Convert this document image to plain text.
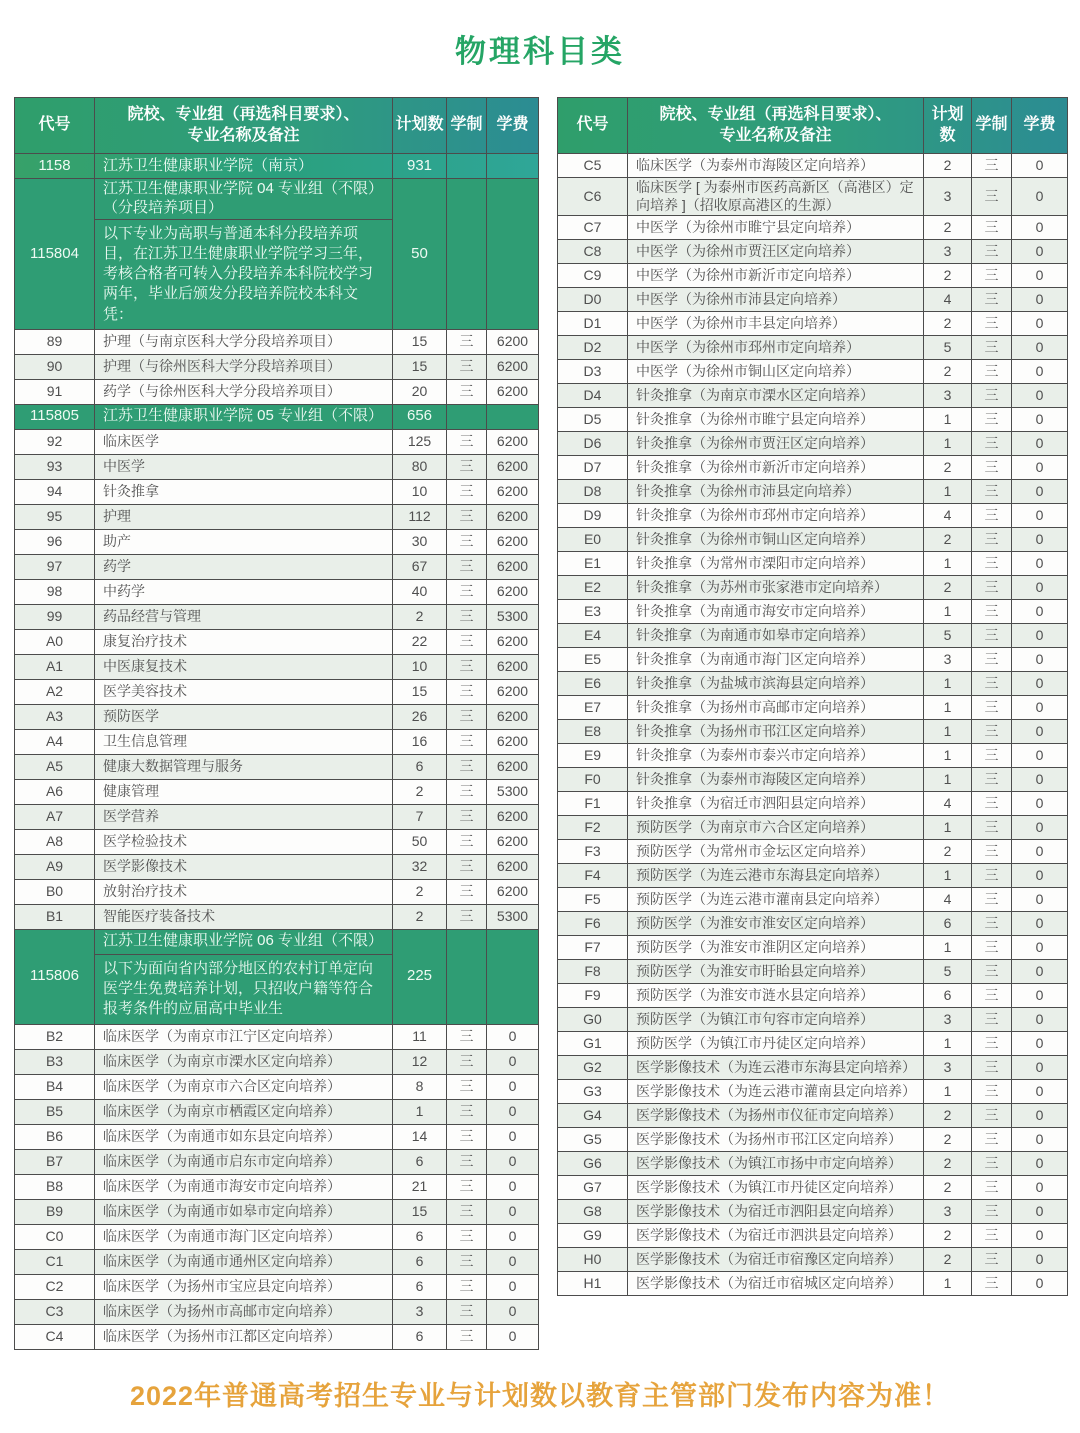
物理科目类
代号	院校、专业组（再选科目要求）、
专业名称及备注	计划数	学制	学费
1158	江苏卫生健康职业学院（南京）	931		
115804	江苏卫生健康职业学院 04 专业组（不限）（分段培养项目）	50		
	以下专业为高职与普通本科分段培养项目，在江苏卫生健康职业学院学习三年，考核合格者可转入分段培养本科院校学习两年，毕业后颁发分段培养院校本科文凭：			
89	护理（与南京医科大学分段培养项目）	15	三	6200
90	护理（与徐州医科大学分段培养项目）	15	三	6200
91	药学（与徐州医科大学分段培养项目）	20	三	6200
115805	江苏卫生健康职业学院 05 专业组（不限）	656		
92	临床医学	125	三	6200
93	中医学	80	三	6200
94	针灸推拿	10	三	6200
95	护理	112	三	6200
96	助产	30	三	6200
97	药学	67	三	6200
98	中药学	40	三	6200
99	药品经营与管理	2	三	5300
A0	康复治疗技术	22	三	6200
A1	中医康复技术	10	三	6200
A2	医学美容技术	15	三	6200
A3	预防医学	26	三	6200
A4	卫生信息管理	16	三	6200
A5	健康大数据管理与服务	6	三	6200
A6	健康管理	2	三	5300
A7	医学营养	7	三	6200
A8	医学检验技术	50	三	6200
A9	医学影像技术	32	三	6200
B0	放射治疗技术	2	三	6200
B1	智能医疗装备技术	2	三	5300
115806	江苏卫生健康职业学院 06 专业组（不限）	225		
	以下为面向省内部分地区的农村订单定向医学生免费培养计划，只招收户籍等符合报考条件的应届高中毕业生			
B2	临床医学（为南京市江宁区定向培养）	11	三	0
B3	临床医学（为南京市溧水区定向培养）	12	三	0
B4	临床医学（为南京市六合区定向培养）	8	三	0
B5	临床医学（为南京市栖霞区定向培养）	1	三	0
B6	临床医学（为南通市如东县定向培养）	14	三	0
B7	临床医学（为南通市启东市定向培养）	6	三	0
B8	临床医学（为南通市海安市定向培养）	21	三	0
B9	临床医学（为南通市如皋市定向培养）	15	三	0
C0	临床医学（为南通市海门区定向培养）	6	三	0
C1	临床医学（为南通市通州区定向培养）	6	三	0
C2	临床医学（为扬州市宝应县定向培养）	6	三	0
C3	临床医学（为扬州市高邮市定向培养）	3	三	0
C4	临床医学（为扬州市江都区定向培养）	6	三	0
代号	院校、专业组（再选科目要求）、
专业名称及备注	计划数	学制	学费
C5	临床医学（为泰州市海陵区定向培养）	2	三	0
C6	临床医学 [ 为泰州市医药高新区（高港区）定向培养 ]（招收原高港区的生源）	3	三	0
C7	中医学（为徐州市睢宁县定向培养）	2	三	0
C8	中医学（为徐州市贾汪区定向培养）	3	三	0
C9	中医学（为徐州市新沂市定向培养）	2	三	0
D0	中医学（为徐州市沛县定向培养）	4	三	0
D1	中医学（为徐州市丰县定向培养）	2	三	0
D2	中医学（为徐州市邳州市定向培养）	5	三	0
D3	中医学（为徐州市铜山区定向培养）	2	三	0
D4	针灸推拿（为南京市溧水区定向培养）	3	三	0
D5	针灸推拿（为徐州市睢宁县定向培养）	1	三	0
D6	针灸推拿（为徐州市贾汪区定向培养）	1	三	0
D7	针灸推拿（为徐州市新沂市定向培养）	2	三	0
D8	针灸推拿（为徐州市沛县定向培养）	1	三	0
D9	针灸推拿（为徐州市邳州市定向培养）	4	三	0
E0	针灸推拿（为徐州市铜山区定向培养）	2	三	0
E1	针灸推拿（为常州市溧阳市定向培养）	1	三	0
E2	针灸推拿（为苏州市张家港市定向培养）	2	三	0
E3	针灸推拿（为南通市海安市定向培养）	1	三	0
E4	针灸推拿（为南通市如皋市定向培养）	5	三	0
E5	针灸推拿（为南通市海门区定向培养）	3	三	0
E6	针灸推拿（为盐城市滨海县定向培养）	1	三	0
E7	针灸推拿（为扬州市高邮市定向培养）	1	三	0
E8	针灸推拿（为扬州市邗江区定向培养）	1	三	0
E9	针灸推拿（为泰州市泰兴市定向培养）	1	三	0
F0	针灸推拿（为泰州市海陵区定向培养）	1	三	0
F1	针灸推拿（为宿迁市泗阳县定向培养）	4	三	0
F2	预防医学（为南京市六合区定向培养）	1	三	0
F3	预防医学（为常州市金坛区定向培养）	2	三	0
F4	预防医学（为连云港市东海县定向培养）	1	三	0
F5	预防医学（为连云港市灌南县定向培养）	4	三	0
F6	预防医学（为淮安市淮安区定向培养）	6	三	0
F7	预防医学（为淮安市淮阴区定向培养）	1	三	0
F8	预防医学（为淮安市盱眙县定向培养）	5	三	0
F9	预防医学（为淮安市涟水县定向培养）	6	三	0
G0	预防医学（为镇江市句容市定向培养）	3	三	0
G1	预防医学（为镇江市丹徒区定向培养）	1	三	0
G2	医学影像技术（为连云港市东海县定向培养）	3	三	0
G3	医学影像技术（为连云港市灌南县定向培养）	1	三	0
G4	医学影像技术（为扬州市仪征市定向培养）	2	三	0
G5	医学影像技术（为扬州市邗江区定向培养）	2	三	0
G6	医学影像技术（为镇江市扬中市定向培养）	2	三	0
G7	医学影像技术（为镇江市丹徒区定向培养）	2	三	0
G8	医学影像技术（为宿迁市泗阳县定向培养）	3	三	0
G9	医学影像技术（为宿迁市泗洪县定向培养）	2	三	0
H0	医学影像技术（为宿迁市宿豫区定向培养）	2	三	0
H1	医学影像技术（为宿迁市宿城区定向培养）	1	三	0
2022年普通高考招生专业与计划数以教育主管部门发布内容为准！
